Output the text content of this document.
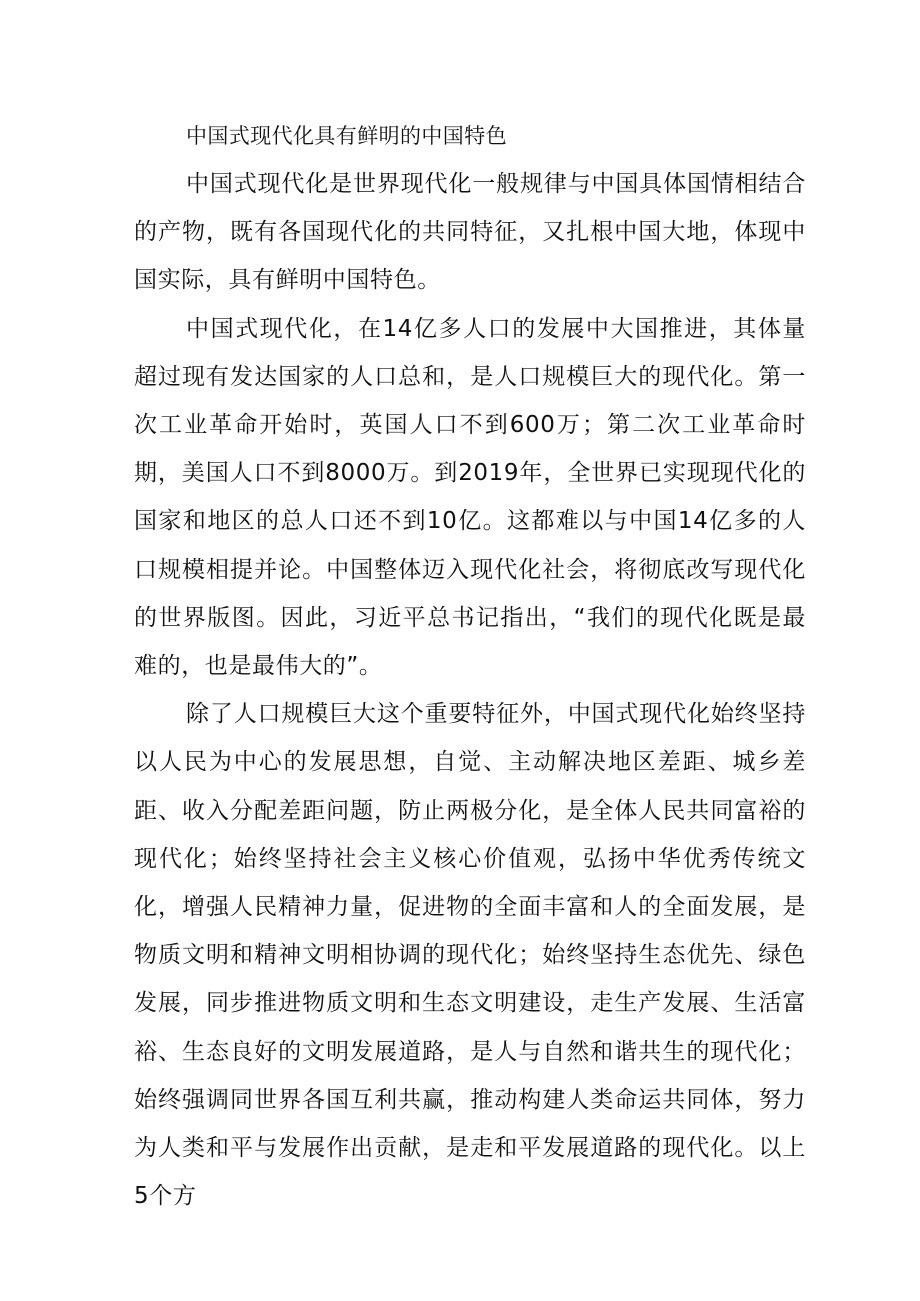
中国式现代化具有鲜明的中国特色

中国式现代化是世界现代化一般规律与中国具体国情相结合的产物，既有各国现代化的共同特征，又扎根中国大地，体现中国实际，具有鲜明中国特色。

中国式现代化，在14亿多人口的发展中大国推进，其体量超过现有发达国家的人口总和，是人口规模巨大的现代化。第一次工业革命开始时，英国人口不到600万；第二次工业革命时期，美国人口不到8000万。到2019年，全世界已实现现代化的国家和地区的总人口还不到10亿。这都难以与中国14亿多的人口规模相提并论。中国整体迈入现代化社会，将彻底改写现代化的世界版图。因此，习近平总书记指出，“我们的现代化既是最难的，也是最伟大的”。

除了人口规模巨大这个重要特征外，中国式现代化始终坚持以人民为中心的发展思想，自觉、主动解决地区差距、城乡差距、收入分配差距问题，防止两极分化，是全体人民共同富裕的现代化；始终坚持社会主义核心价值观，弘扬中华优秀传统文化，增强人民精神力量，促进物的全面丰富和人的全面发展，是物质文明和精神文明相协调的现代化；始终坚持生态优先、绿色发展，同步推进物质文明和生态文明建设，走生产发展、生活富裕、生态良好的文明发展道路，是人与自然和谐共生的现代化；始终强调同世界各国互利共赢，推动构建人类命运共同体，努力为人类和平与发展作出贡献，是走和平发展道路的现代化。以上5个方
